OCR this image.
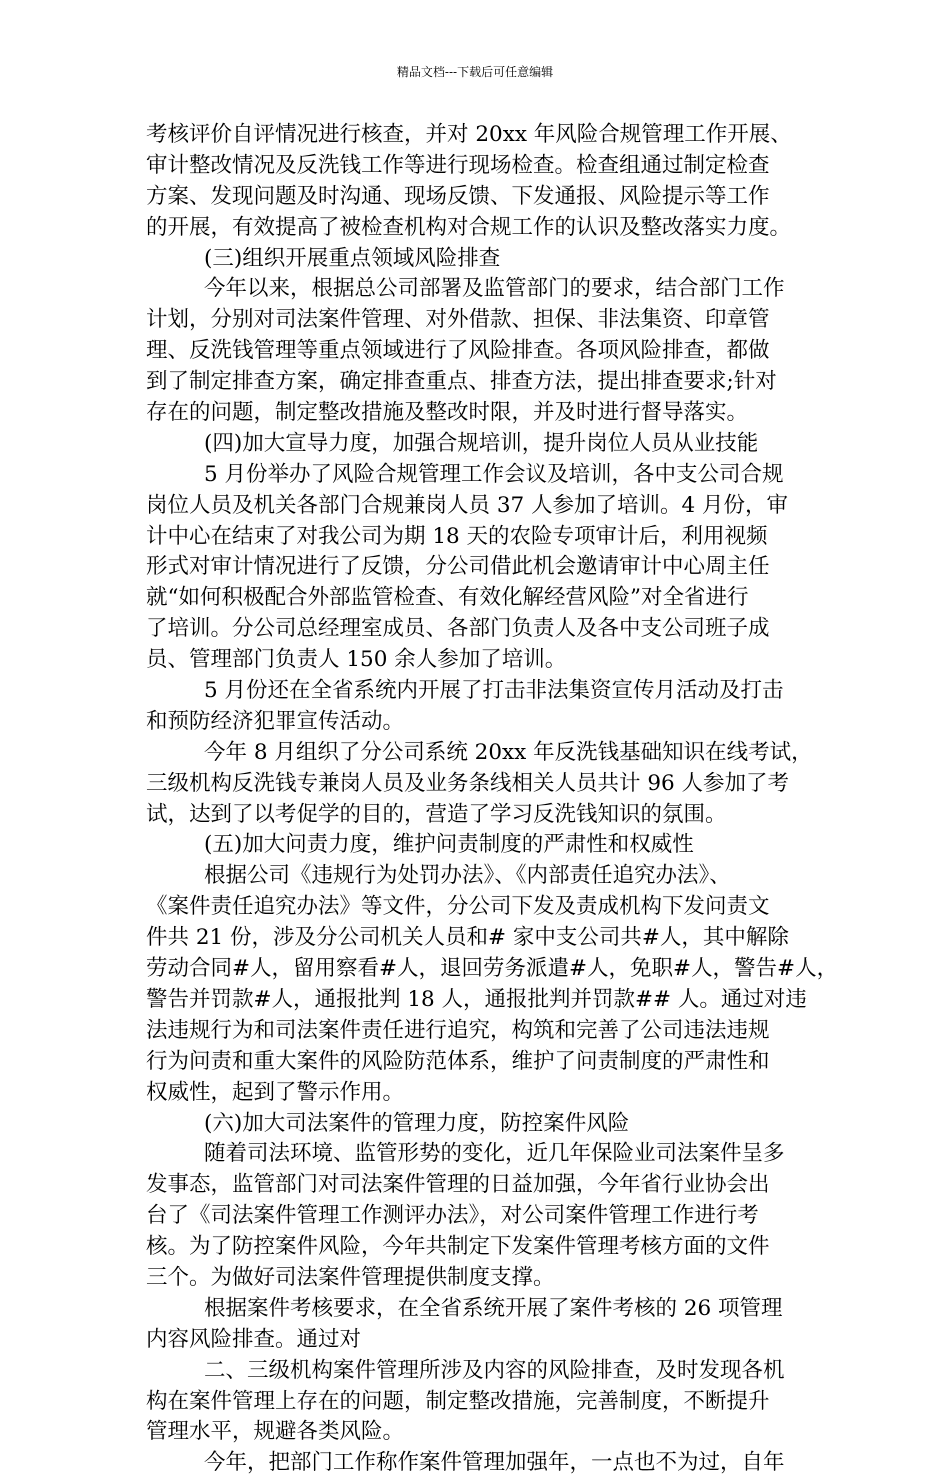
精品文档---下载后可任意编辑
考核评价自评情况进行核查，并对 20xx 年风险合规管理工作开展、
审计整改情况及反洗钱工作等进行现场检查。检查组通过制定检查
方案、发现问题及时沟通、现场反馈、下发通报、风险提示等工作
的开展，有效提高了被检查机构对合规工作的认识及整改落实力度。
(三)组织开展重点领域风险排查
今年以来，根据总公司部署及监管部门的要求，结合部门工作
计划，分别对司法案件管理、对外借款、担保、非法集资、印章管
理、反洗钱管理等重点领域进行了风险排查。各项风险排查，都做
到了制定排查方案，确定排查重点、排查方法，提出排查要求;针对
存在的问题，制定整改措施及整改时限，并及时进行督导落实。
(四)加大宣导力度，加强合规培训，提升岗位人员从业技能
5 月份举办了风险合规管理工作会议及培训，各中支公司合规
岗位人员及机关各部门合规兼岗人员 37 人参加了培训。4 月份，审
计中心在结束了对我公司为期 18 天的农险专项审计后，利用视频
形式对审计情况进行了反馈，分公司借此机会邀请审计中心周主任
就“如何积极配合外部监管检查、有效化解经营风险”对全省进行
了培训。分公司总经理室成员、各部门负责人及各中支公司班子成
员、管理部门负责人 150 余人参加了培训。
5 月份还在全省系统内开展了打击非法集资宣传月活动及打击
和预防经济犯罪宣传活动。
今年 8 月组织了分公司系统 20xx 年反洗钱基础知识在线考试，
三级机构反洗钱专兼岗人员及业务条线相关人员共计 96 人参加了考
试，达到了以考促学的目的，营造了学习反洗钱知识的氛围。
(五)加大问责力度，维护问责制度的严肃性和权威性
根据公司《违规行为处罚办法》、《内部责任追究办法》、
《案件责任追究办法》等文件，分公司下发及责成机构下发问责文
件共 21 份，涉及分公司机关人员和# 家中支公司共#人，其中解除
劳动合同#人，留用察看#人，退回劳务派遣#人，免职#人，警告#人，
警告并罚款#人，通报批判 18 人，通报批判并罚款## 人。通过对违
法违规行为和司法案件责任进行追究，构筑和完善了公司违法违规
行为问责和重大案件的风险防范体系，维护了问责制度的严肃性和
权威性，起到了警示作用。
(六)加大司法案件的管理力度，防控案件风险
随着司法环境、监管形势的变化，近几年保险业司法案件呈多
发事态，监管部门对司法案件管理的日益加强，今年省行业协会出
台了《司法案件管理工作测评办法》，对公司案件管理工作进行考
核。为了防控案件风险，今年共制定下发案件管理考核方面的文件
三个。为做好司法案件管理提供制度支撑。
根据案件考核要求，在全省系统开展了案件考核的 26 项管理
内容风险排查。通过对
二、三级机构案件管理所涉及内容的风险排查，及时发现各机
构在案件管理上存在的问题，制定整改措施，完善制度，不断提升
管理水平，规避各类风险。
今年，把部门工作称作案件管理加强年，一点也不为过，自年
